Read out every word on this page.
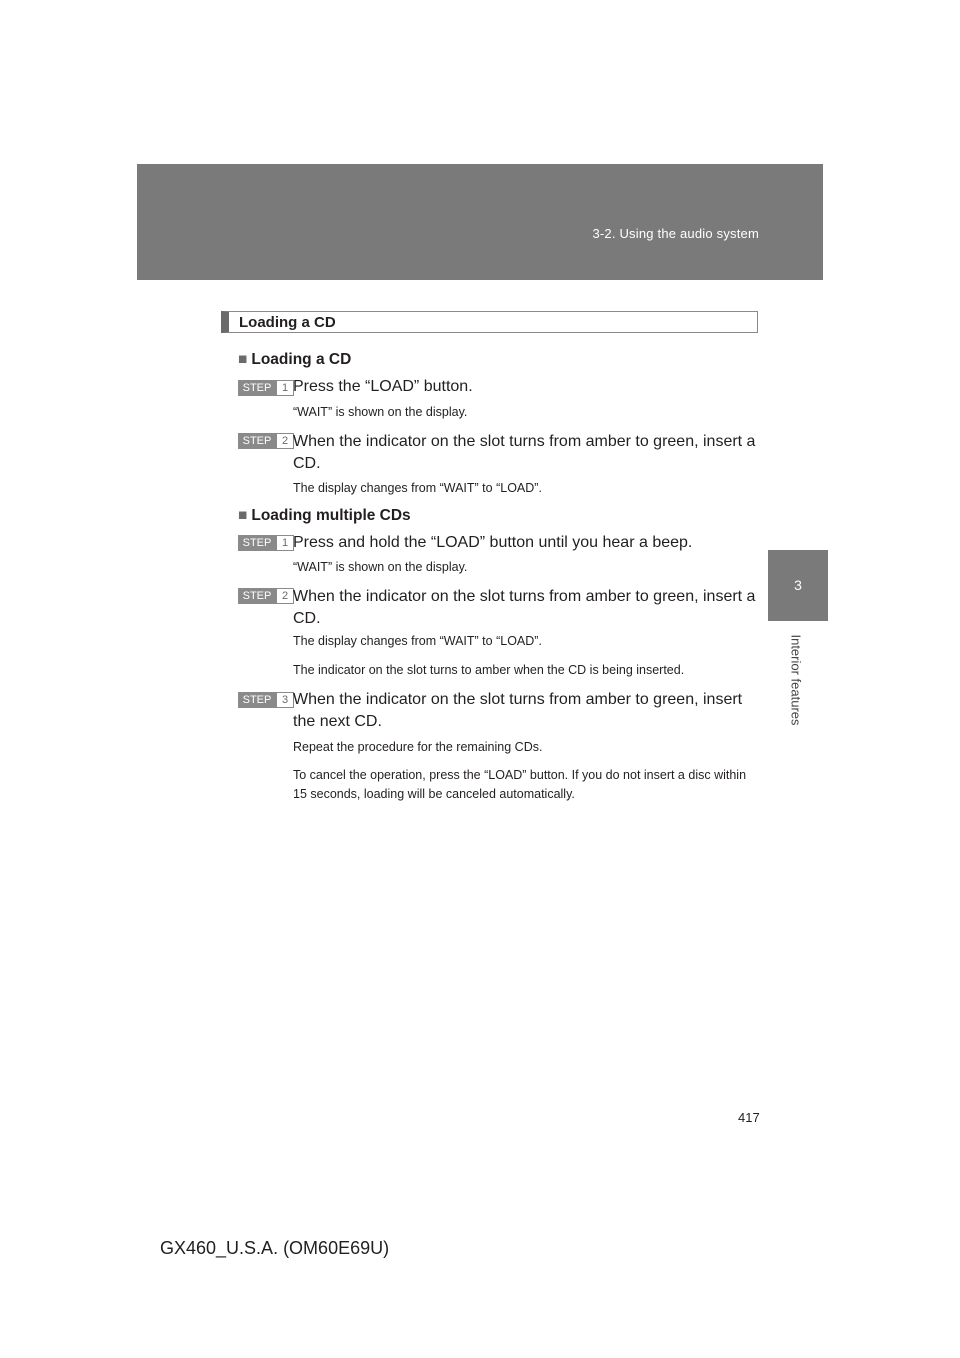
3-2. Using the audio system
3
Interior features
Loading a CD
■ Loading a CD
STEP 1 Press the “LOAD” button.
“WAIT” is shown on the display.
STEP 2 When the indicator on the slot turns from amber to green, insert a CD.
The display changes from “WAIT” to “LOAD”.
■ Loading multiple CDs
STEP 1 Press and hold the “LOAD” button until you hear a beep.
“WAIT” is shown on the display.
STEP 2 When the indicator on the slot turns from amber to green, insert a CD.
The display changes from “WAIT” to “LOAD”.
The indicator on the slot turns to amber when the CD is being inserted.
STEP 3 When the indicator on the slot turns from amber to green, insert the next CD.
Repeat the procedure for the remaining CDs.
To cancel the operation, press the “LOAD” button. If you do not insert a disc within 15 seconds, loading will be canceled automatically.
417
GX460_U.S.A. (OM60E69U)
